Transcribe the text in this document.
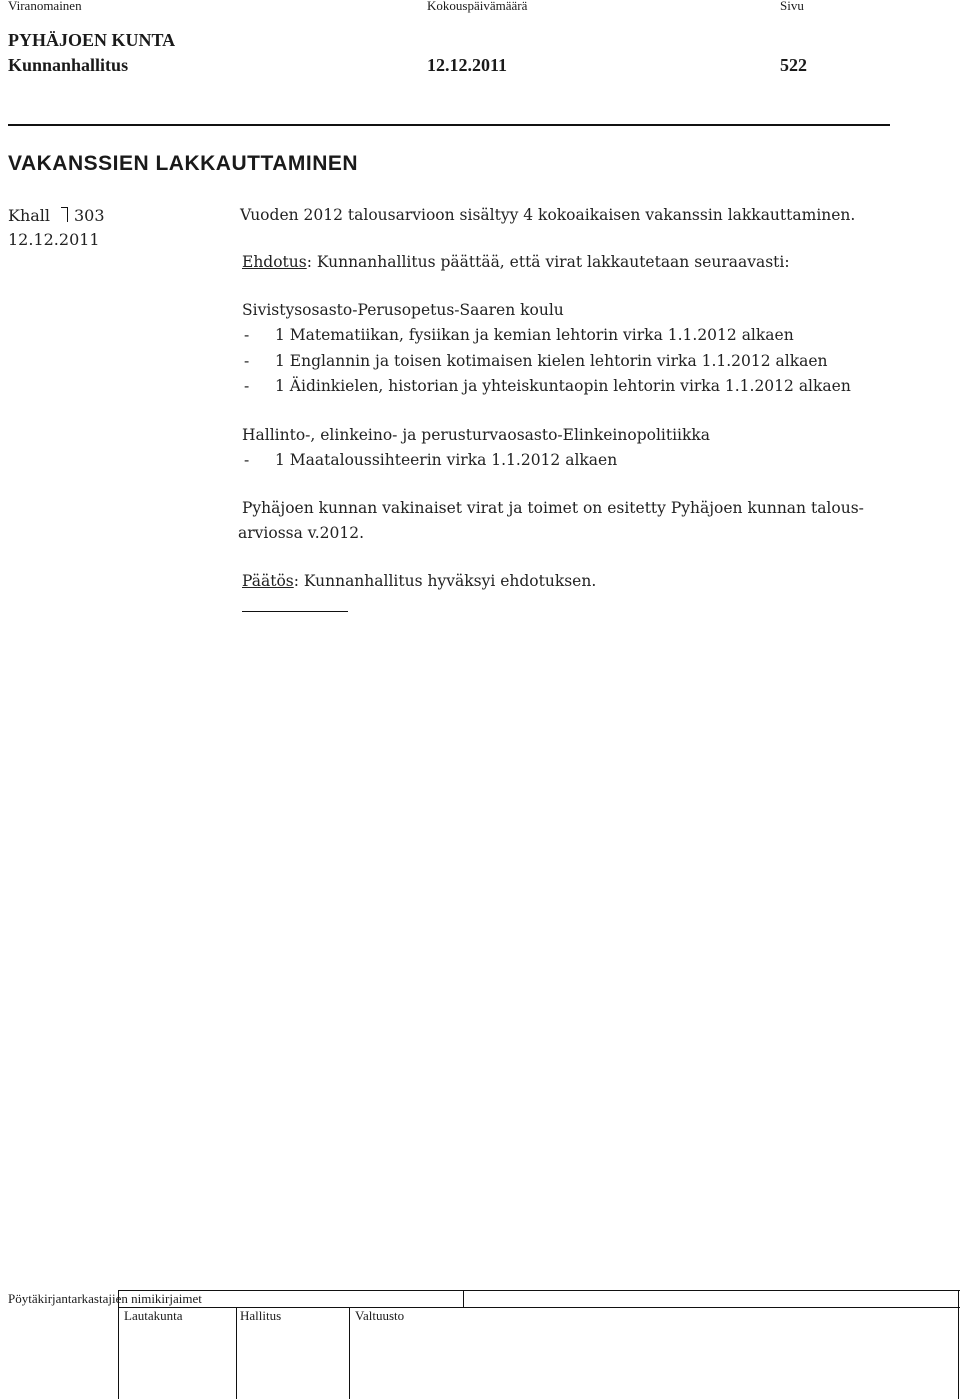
Viranomainen	Kokouspäivämäärä	Sivu
PYHÄJOEN KUNTA
Kunnanhallitus	12.12.2011	522
VAKANSSIEN LAKKAUTTAMINEN
Khall 303
12.12.2011
Vuoden 2012 talousarvioon sisältyy 4 kokoaikaisen vakanssin lakkauttaminen.
Ehdotus: Kunnanhallitus päättää, että virat lakkautetaan seuraavasti:
Sivistysosasto-Perusopetus-Saaren koulu
- 1 Matematiikan, fysiikan ja kemian lehtorin virka 1.1.2012 alkaen
- 1 Englannin ja toisen kotimaisen kielen lehtorin virka 1.1.2012 alkaen
- 1 Äidinkielen, historian ja yhteiskuntaopin lehtorin virka 1.1.2012 alkaen
Hallinto-, elinkeino- ja perusturvaosasto-Elinkeinopolitiikka
- 1 Maataloussihteerin virka 1.1.2012 alkaen
Pyhäjoen kunnan vakinaiset virat ja toimet on esitetty Pyhäjoen kunnan talous-
arviossa v.2012.
Päätös: Kunnanhallitus hyväksyi ehdotuksen.
Pöytäkirjantarkastajien nimikirjaimet
Lautakunta	Hallitus	Valtuusto
